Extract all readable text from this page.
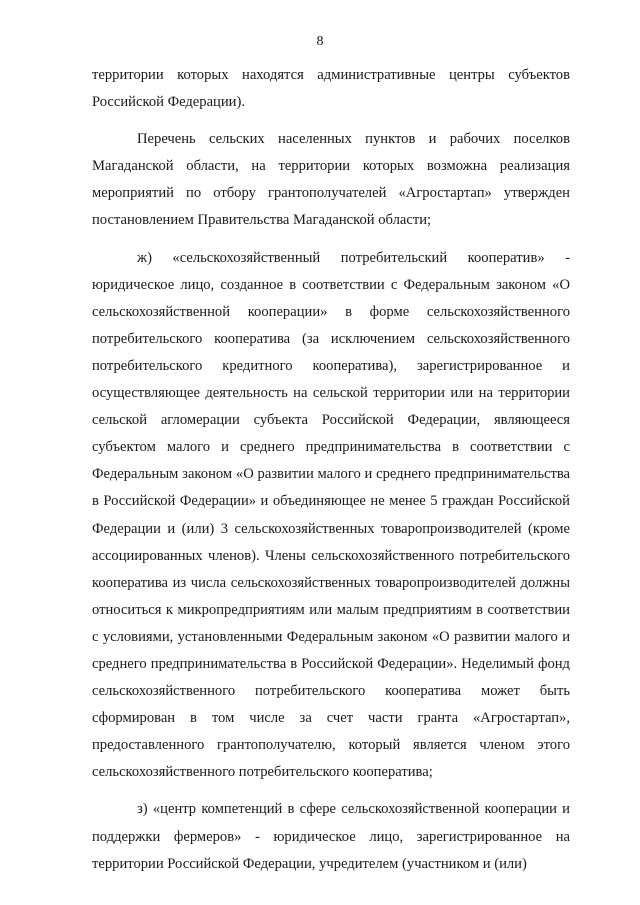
8

территории которых находятся административные центры субъектов Российской Федерации).

Перечень сельских населенных пунктов и рабочих поселков Магаданской области, на территории которых возможна реализация мероприятий по отбору грантополучателей «Агростартап» утвержден постановлением Правительства Магаданской области;

ж) «сельскохозяйственный потребительский кооператив» - юридическое лицо, созданное в соответствии с Федеральным законом «О сельскохозяйственной кооперации» в форме сельскохозяйственного потребительского кооператива (за исключением сельскохозяйственного потребительского кредитного кооператива), зарегистрированное и осуществляющее деятельность на сельской территории или на территории сельской агломерации субъекта Российской Федерации, являющееся субъектом малого и среднего предпринимательства в соответствии с Федеральным законом «О развитии малого и среднего предпринимательства в Российской Федерации» и объединяющее не менее 5 граждан Российской Федерации и (или) 3 сельскохозяйственных товаропроизводителей (кроме ассоциированных членов). Члены сельскохозяйственного потребительского кооператива из числа сельскохозяйственных товаропроизводителей должны относиться к микропредприятиям или малым предприятиям в соответствии с условиями, установленными Федеральным законом «О развитии малого и среднего предпринимательства в Российской Федерации». Неделимый фонд сельскохозяйственного потребительского кооператива может быть сформирован в том числе за счет части гранта «Агростартап», предоставленного грантополучателю, который является членом этого сельскохозяйственного потребительского кооператива;

з) «центр компетенций в сфере сельскохозяйственной кооперации и поддержки фермеров» - юридическое лицо, зарегистрированное на территории Российской Федерации, учредителем (участником и (или)
